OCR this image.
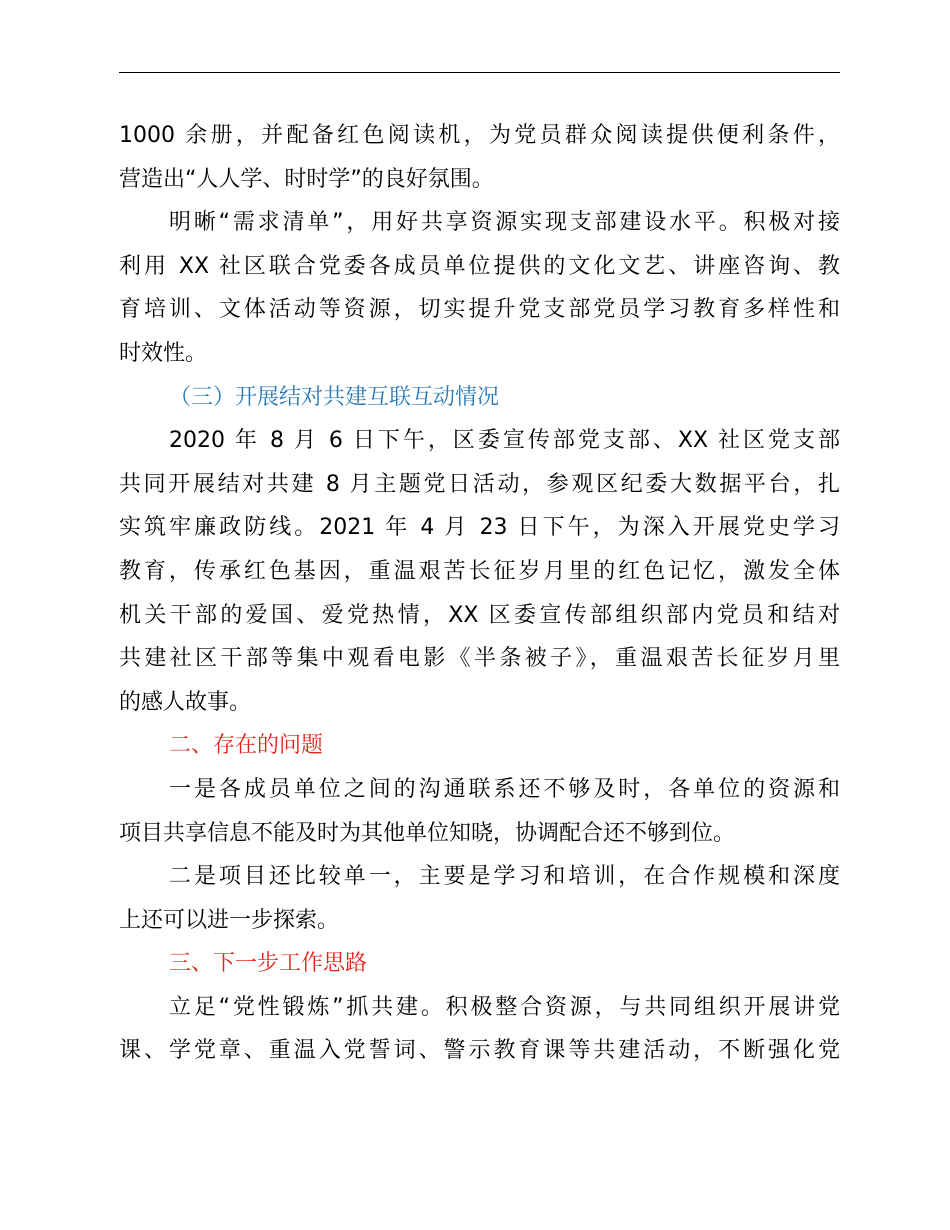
1000 余册，并配备红色阅读机，为党员群众阅读提供便利条件，
营造出“人人学、时时学”的良好氛围。
明晰“需求清单”，用好共享资源实现支部建设水平。积极对接
利用 XX 社区联合党委各成员单位提供的文化文艺、讲座咨询、教
育培训、文体活动等资源，切实提升党支部党员学习教育多样性和
时效性。
（三）开展结对共建互联互动情况
2020 年 8 月 6 日下午，区委宣传部党支部、XX 社区党支部
共同开展结对共建 8 月主题党日活动，参观区纪委大数据平台，扎
实筑牢廉政防线。2021 年 4 月 23 日下午，为深入开展党史学习
教育，传承红色基因，重温艰苦长征岁月里的红色记忆，激发全体
机关干部的爱国、爱党热情，XX 区委宣传部组织部内党员和结对
共建社区干部等集中观看电影《半条被子》，重温艰苦长征岁月里
的感人故事。
二、存在的问题
一是各成员单位之间的沟通联系还不够及时，各单位的资源和
项目共享信息不能及时为其他单位知晓，协调配合还不够到位。
二是项目还比较单一，主要是学习和培训，在合作规模和深度
上还可以进一步探索。
三、下一步工作思路
立足“党性锻炼”抓共建。积极整合资源，与共同组织开展讲党
课、学党章、重温入党誓词、警示教育课等共建活动，不断强化党
